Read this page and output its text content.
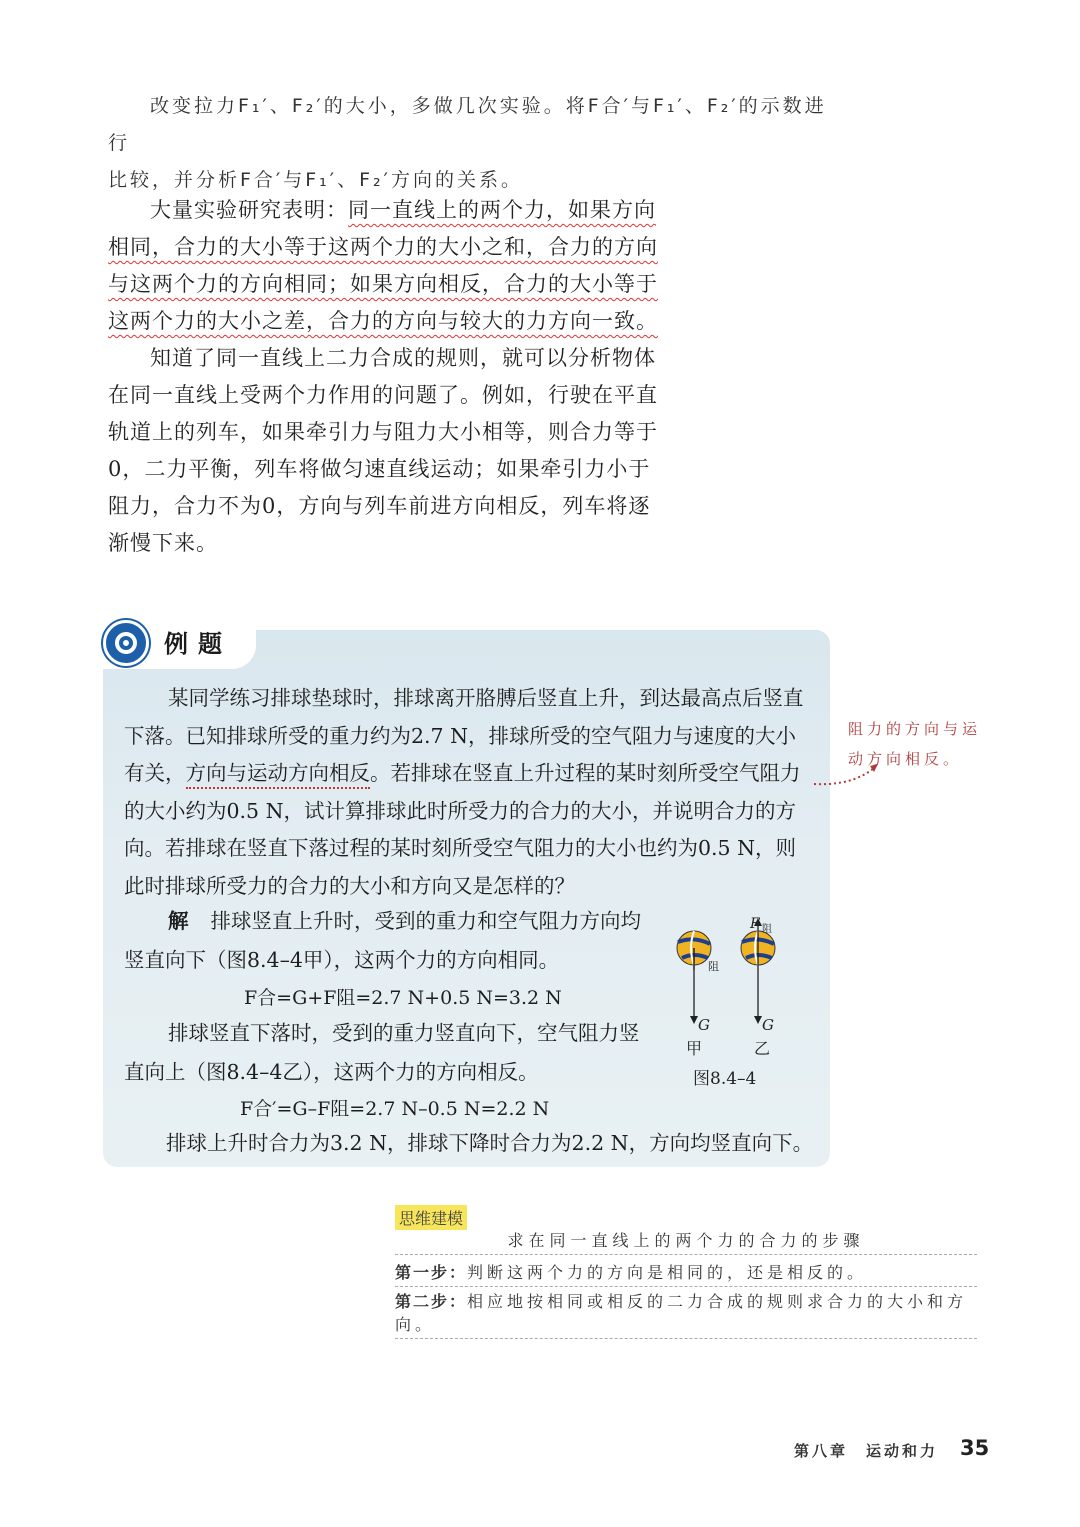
改变拉力F₁′、F₂′的大小，多做几次实验。将F合′与F₁′、F₂′的示数进行
比较，并分析F合′与F₁′、F₂′方向的关系。
大量实验研究表明：同一直线上的两个力，如果方向相同，合力的大小等于这两个力的大小之和，合力的方向与这两个力的方向相同；如果方向相反，合力的大小等于这两个力的大小之差，合力的方向与较大的力方向一致。
知道了同一直线上二力合成的规则，就可以分析物体在同一直线上受两个力作用的问题了。例如，行驶在平直轨道上的列车，如果牵引力与阻力大小相等，则合力等于0，二力平衡，列车将做匀速直线运动；如果牵引力小于阻力，合力不为0，方向与列车前进方向相反，列车将逐渐慢下来。
例题
某同学练习排球垫球时，排球离开胳膊后竖直上升，到达最高点后竖直下落。已知排球所受的重力约为2.7 N，排球所受的空气阻力与速度的大小有关，方向与运动方向相反。若排球在竖直上升过程的某时刻所受空气阻力的大小约为0.5 N，试计算排球此时所受力的合力的大小，并说明合力的方向。若排球在竖直下落过程的某时刻所受空气阻力的大小也约为0.5 N，则此时排球所受力的合力的大小和方向又是怎样的？
解 排球竖直上升时，受到的重力和空气阻力方向均竖直向下（图8.4–4甲），这两个力的方向相同。
F合=G+F阻=2.7 N+0.5 N=3.2 N
排球竖直下落时，受到的重力竖直向下，空气阻力竖直向上（图8.4–4乙），这两个力的方向相反。
F合′=G–F阻=2.7 N–0.5 N=2.2 N
排球上升时合力为3.2 N，排球下降时合力为2.2 N，方向均竖直向下。
阻
G
甲
F 阻
G
乙
图8.4–4
阻力的方向与运动方向相反。
思维建模
求在同一直线上的两个力的合力的步骤
第一步：判断这两个力的方向是相同的，还是相反的。
第二步：相应地按相同或相反的二力合成的规则求合力的大小和方向。
第八章　运动和力 35
